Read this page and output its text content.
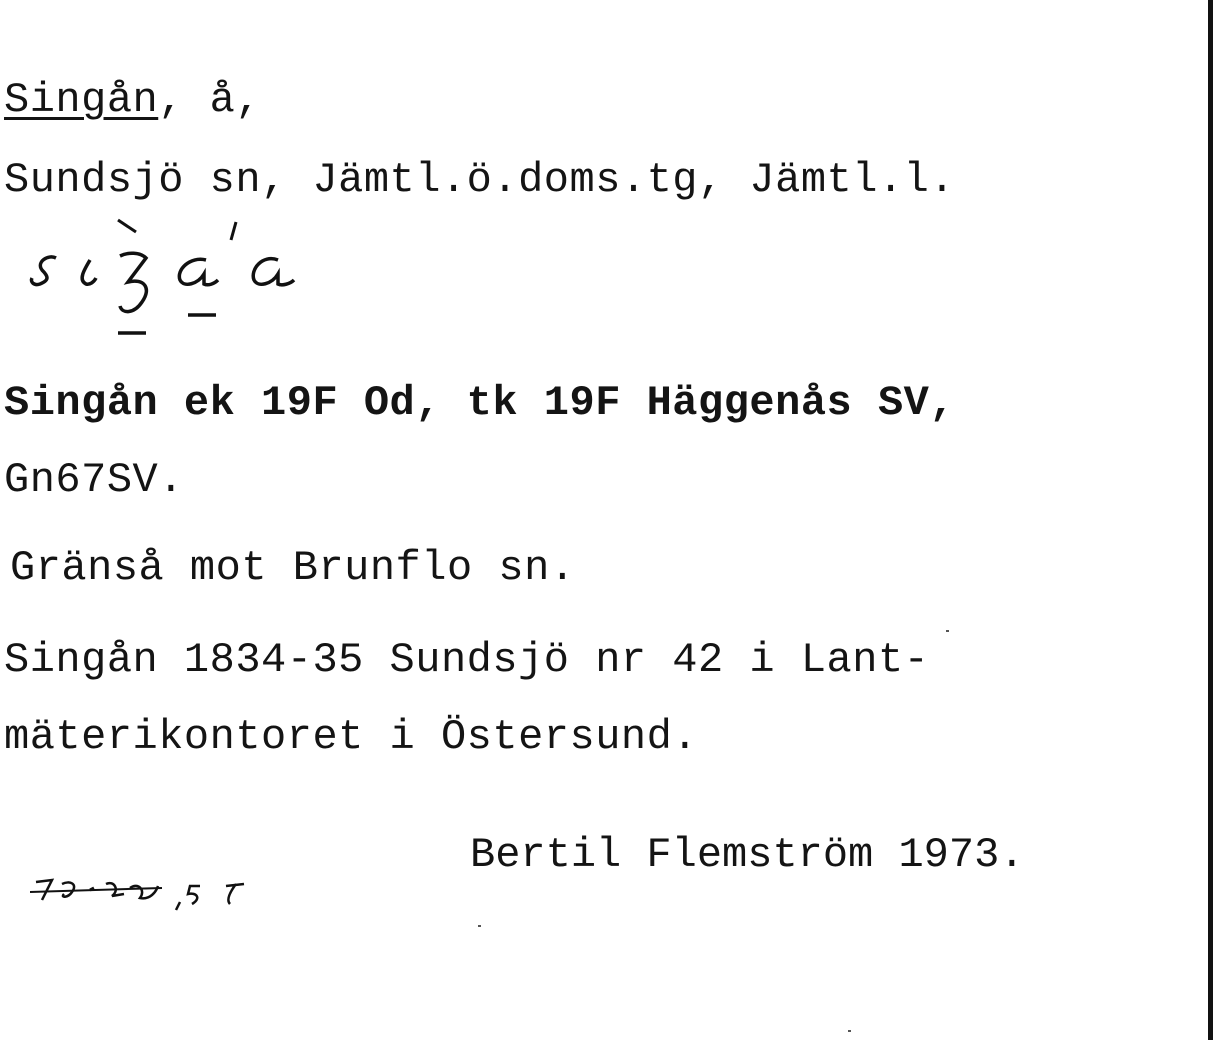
Singån, å,
Sundsjö sn, Jämtl.ö.doms.tg, Jämtl.l.
Singån ek 19F Od, tk 19F Häggenås SV,
Gn67SV.
Gränså mot Brunflo sn.
Singån 1834-35 Sundsjö nr 42 i Lant-
mäterikontoret i Östersund.
Bertil Flemström 1973.
